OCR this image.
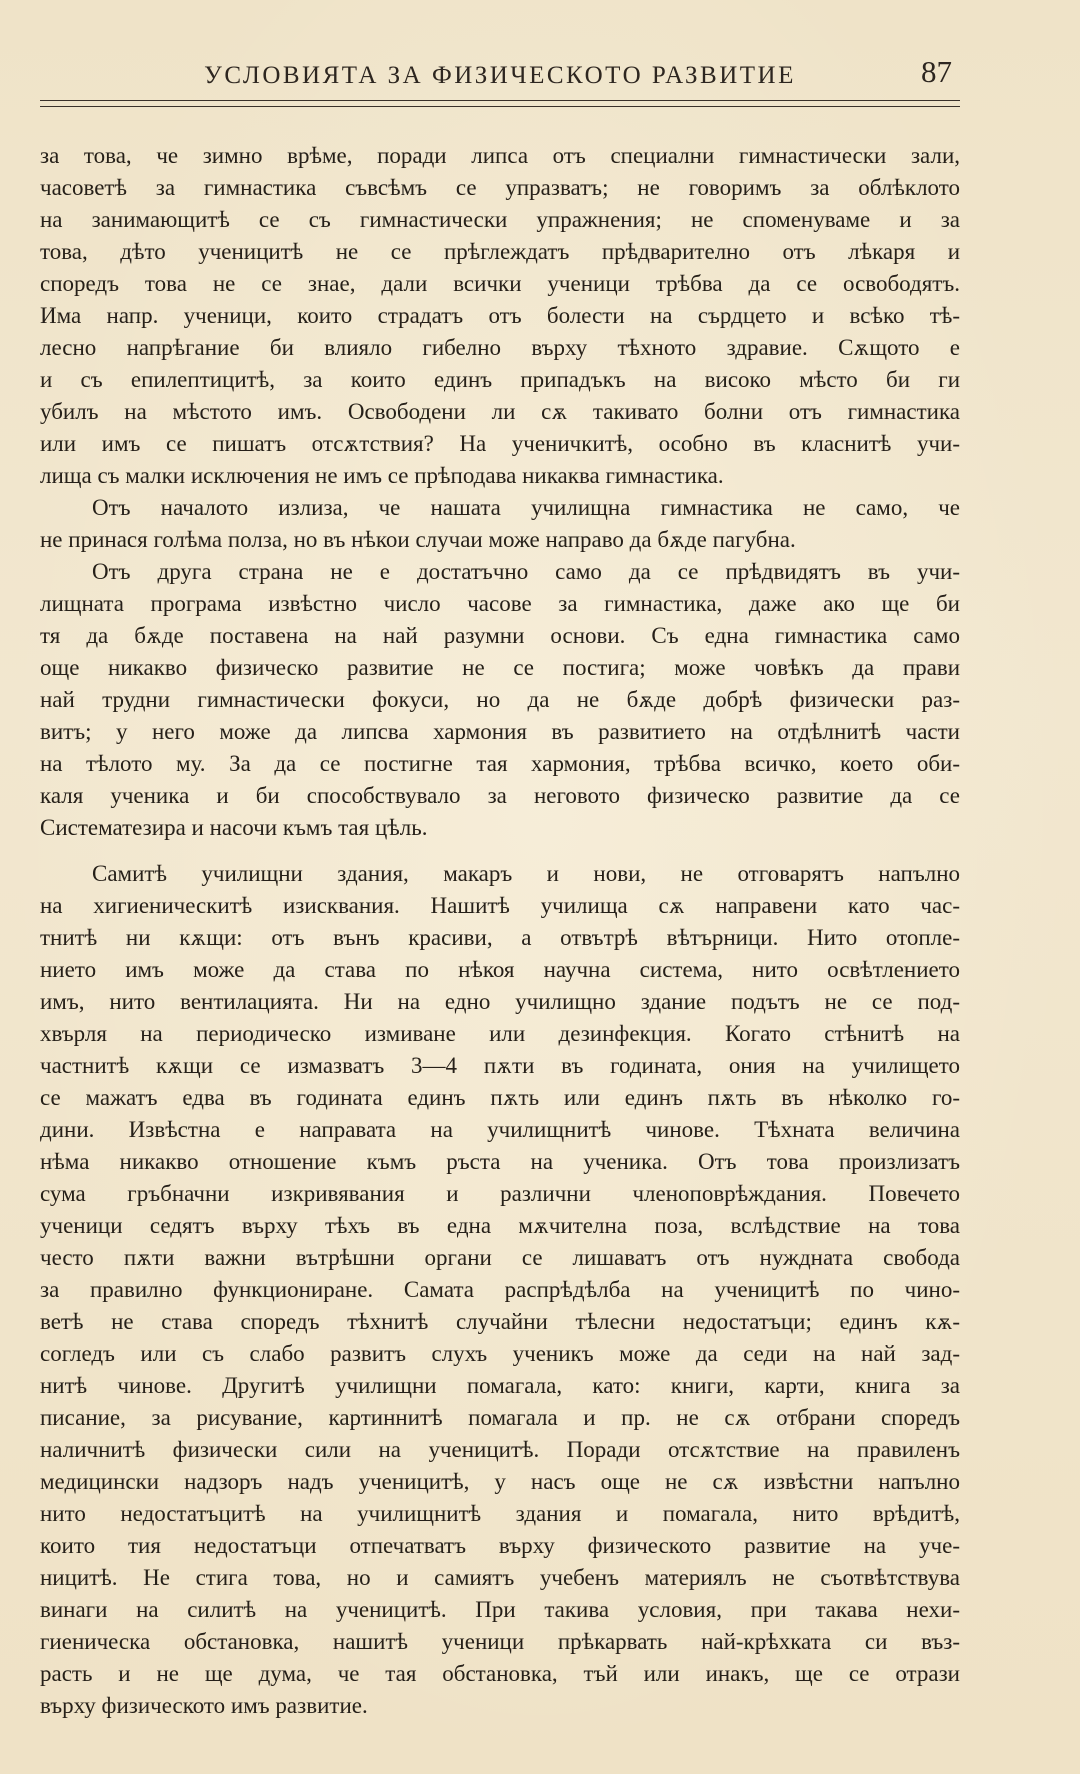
УСЛОВИЯТА ЗА ФИЗИЧЕСКОТО РАЗВИТИЕ	87

за това, че зимно врѣме, поради липса отъ специални гимнастически зали,
часоветѣ за гимнастика съвсѣмъ се упразватъ; не говоримъ за облѣклото
на занимающитѣ се съ гимнастически упражнения; не споменуваме и за
това, дѣто ученицитѣ не се прѣглеждатъ прѣдварително отъ лѣкаря и
споредъ това не се знае, дали всички ученици трѣбва да се освободятъ.
Има напр. ученици, които страдатъ отъ болести на сърдцето и всѣко тѣ-
лесно напрѣгание би влияло гибелно върху тѣхното здравие. Сѫщото е
и съ епилептицитѣ, за които единъ припадъкъ на високо мѣсто би ги
убилъ на мѣстото имъ. Освободени ли сѫ такивато болни отъ гимнастика
или имъ се пишатъ отсѫтствия? На ученичкитѣ, особно въ класнитѣ учи-
лища съ малки исключения не имъ се прѣподава никаква гимнастика.

Отъ началото излиза, че нашата училищна гимнастика не само, че
не принася голѣма полза, но въ нѣкои случаи може направо да бѫде пагубна.

Отъ друга страна не е достатъчно само да се прѣдвидятъ въ учи-
лищната програма извѣстно число часове за гимнастика, даже ако ще би
тя да бѫде поставена на най разумни основи. Съ една гимнастика само
още никакво физическо развитие не се постига; може човѣкъ да прави
най трудни гимнастически фокуси, но да не бѫде добрѣ физически раз-
витъ; у него може да липсва хармония въ развитието на отдѣлнитѣ части
на тѣлото му. За да се постигне тая хармония, трѣбва всичко, което оби-
каля ученика и би способствувало за неговото физическо развитие да се
Систематезира и насочи къмъ тая цѣль.

Самитѣ училищни здания, макаръ и нови, не отговарятъ напълно
на хигиеническитѣ изисквания. Нашитѣ училища сѫ направени като час-
тнитѣ ни кѫщи: отъ вънъ красиви, а отвътрѣ вѣтърници. Нито отопле-
нието имъ може да става по нѣкоя научна система, нито освѣтлението
имъ, нито вентилацията. Ни на едно училищно здание подътъ не се под-
хвърля на периодическо измиване или дезинфекция. Когато стѣнитѣ на
частнитѣ кѫщи се измазватъ 3—4 пѫти въ годината, ония на училището
се мажатъ едва въ годината единъ пѫть или единъ пѫть въ нѣколко го-
дини. Извѣстна е направата на училищнитѣ чинове. Тѣхната величина
нѣма никакво отношение къмъ ръста на ученика. Отъ това произлизатъ
сума гръбначни изкривявания и различни членоповрѣждания. Повечето
ученици седятъ върху тѣхъ въ една мѫчителна поза, вслѣдствие на това
често пѫти важни вътрѣшни органи се лишаватъ отъ нуждната свобода
за правилно функциониране. Самата распрѣдѣлба на ученицитѣ по чино-
ветѣ не става споредъ тѣхнитѣ случайни тѣлесни недостатъци; единъ кѫ-
согледъ или съ слабо развитъ слухъ ученикъ може да седи на най зад-
нитѣ чинове. Другитѣ училищни помагала, като: книги, карти, книга за
писание, за рисувание, картиннитѣ помагала и пр. не сѫ отбрани споредъ
наличнитѣ физически сили на ученицитѣ. Поради отсѫтствие на правиленъ
медицински надзоръ надъ ученицитѣ, у насъ още не сѫ извѣстни напълно
нито недостатъцитѣ на училищнитѣ здания и помагала, нито врѣдитѣ,
които тия недостатъци отпечатватъ върху физическото развитие на уче-
ницитѣ. Не стига това, но и самиятъ учебенъ материялъ не съотвѣтствува
винаги на силитѣ на ученицитѣ. При такива условия, при такава нехи-
гиеническа обстановка, нашитѣ ученици прѣкарвать най-крѣхката си въз-
расть и не ще дума, че тая обстановка, тъй или инакъ, ще се отрази
върху физическото имъ развитие.
